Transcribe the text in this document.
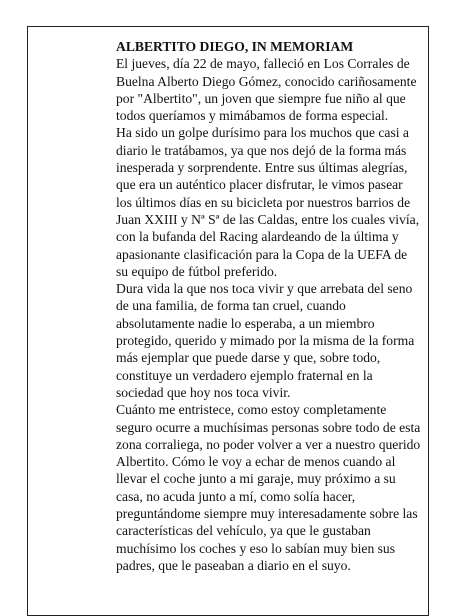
ALBERTITO DIEGO, IN MEMORIAM

El jueves, día 22 de mayo, falleció en Los Corrales de
Buelna Alberto Diego Gómez, conocido cariñosamente
por "Albertito", un joven que siempre fue niño al que
todos queríamos y mimábamos de forma especial.
Ha sido un golpe durísimo para los muchos que casi a
diario le tratábamos, ya que nos dejó de la forma más
inesperada y sorprendente. Entre sus últimas alegrías,
que era un auténtico placer disfrutar, le vimos pasear
los últimos días en su bicicleta por nuestros barrios de
Juan XXIII y Nª Sª de las Caldas, entre los cuales vivía,
con la bufanda del Racing alardeando de la última y
apasionante clasificación para la Copa de la UEFA de
su equipo de fútbol preferido.
Dura vida la que nos toca vivir y que arrebata del seno
de una familia, de forma tan cruel, cuando
absolutamente nadie lo esperaba, a un miembro
protegido, querido y mimado por la misma de la forma
más ejemplar que puede darse y que, sobre todo,
constituye un verdadero ejemplo fraternal en la
sociedad que hoy nos toca vivir.
Cuánto me entristece, como estoy completamente
seguro ocurre a muchísimas personas sobre todo de esta
zona corraliega, no poder volver a ver a nuestro querido
Albertito. Cómo le voy a echar de menos cuando al
llevar el coche junto a mi garaje, muy próximo a su
casa, no acuda junto a mí, como solía hacer,
preguntándome siempre muy interesadamente sobre las
características del vehículo, ya que le gustaban
muchísimo los coches y eso lo sabían muy bien sus
padres, que le paseaban a diario en el suyo.
